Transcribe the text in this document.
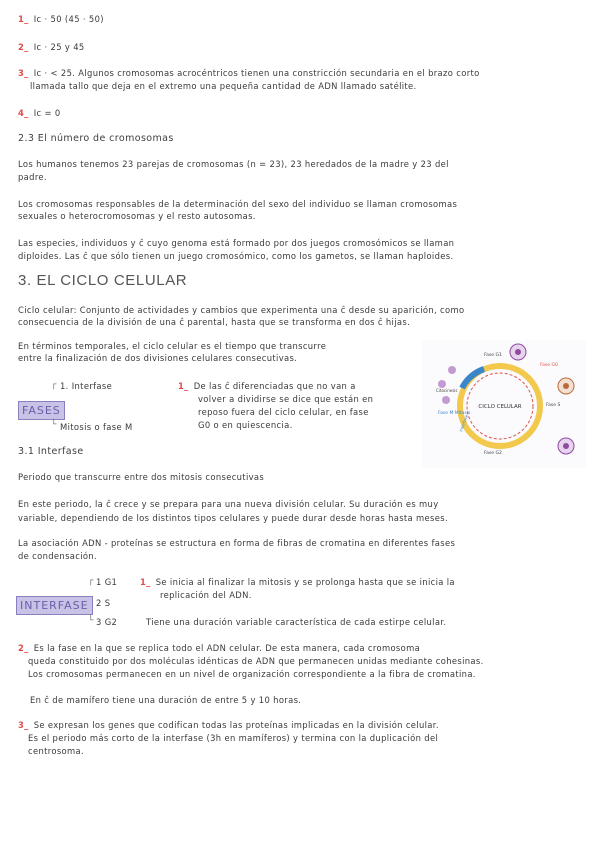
1_ Ic · 50 (45 · 50)
2_ Ic · 25 y 45
3_ Ic · < 25. Algunos cromosomas acrocéntricos tienen una constricción secundaria en el brazo corto
llamada tallo que deja en el extremo una pequeña cantidad de ADN llamado satélite.
4_ Ic = 0
2.3 El número de cromosomas
Los humanos tenemos 23 parejas de cromosomas (n = 23), 23 heredados de la madre y 23 del
padre.
Los cromosomas responsables de la determinación del sexo del individuo se llaman cromosomas
sexuales o heterocromosomas y el resto autosomas.
Las especies, individuos y ĉ cuyo genoma está formado por dos juegos cromosómicos se llaman
diploides. Las ĉ que sólo tienen un juego cromosómico, como los gametos, se llaman haploides.
3. EL CICLO CELULAR
Ciclo celular: Conjunto de actividades y cambios que experimenta una ĉ desde su aparición, como
consecuencia de la división de una ĉ parental, hasta que se transforma en dos ĉ hijas.
En términos temporales, el ciclo celular es el tiempo que transcurre
entre la finalización de dos divisiones celulares consecutivas.
┌ 1. Interfase
FASES
└ Mitosis o fase M
1_ De las ĉ diferenciadas que no van a
volver a dividirse se dice que están en
reposo fuera del ciclo celular, en fase
G0 o en quiescencia.
CICLO CELULAR
Fase G1
Fase G0
Fase S
Fase G2
Fase M Mitosis
Interfase
Citocinesis
3.1 Interfase
Periodo que transcurre entre dos mitosis consecutivas
En este periodo, la ĉ crece y se prepara para una nueva división celular. Su duración es muy
variable, dependiendo de los distintos tipos celulares y puede durar desde horas hasta meses.
La asociación ADN - proteínas se estructura en forma de fibras de cromatina en diferentes fases
de condensación.
┌ 1 G1
INTERFASE 2 S
└ 3 G2
1_ Se inicia al finalizar la mitosis y se prolonga hasta que se inicia la
replicación del ADN.
Tiene una duración variable característica de cada estirpe celular.
2_ Es la fase en la que se replica todo el ADN celular. De esta manera, cada cromosoma
queda constituido por dos moléculas idénticas de ADN que permanecen unidas mediante cohesinas.
Los cromosomas permanecen en un nivel de organización correspondiente a la fibra de cromatina.
En ĉ de mamífero tiene una duración de entre 5 y 10 horas.
3_ Se expresan los genes que codifican todas las proteínas implicadas en la división celular.
Es el periodo más corto de la interfase (3h en mamíferos) y termina con la duplicación del
centrosoma.
